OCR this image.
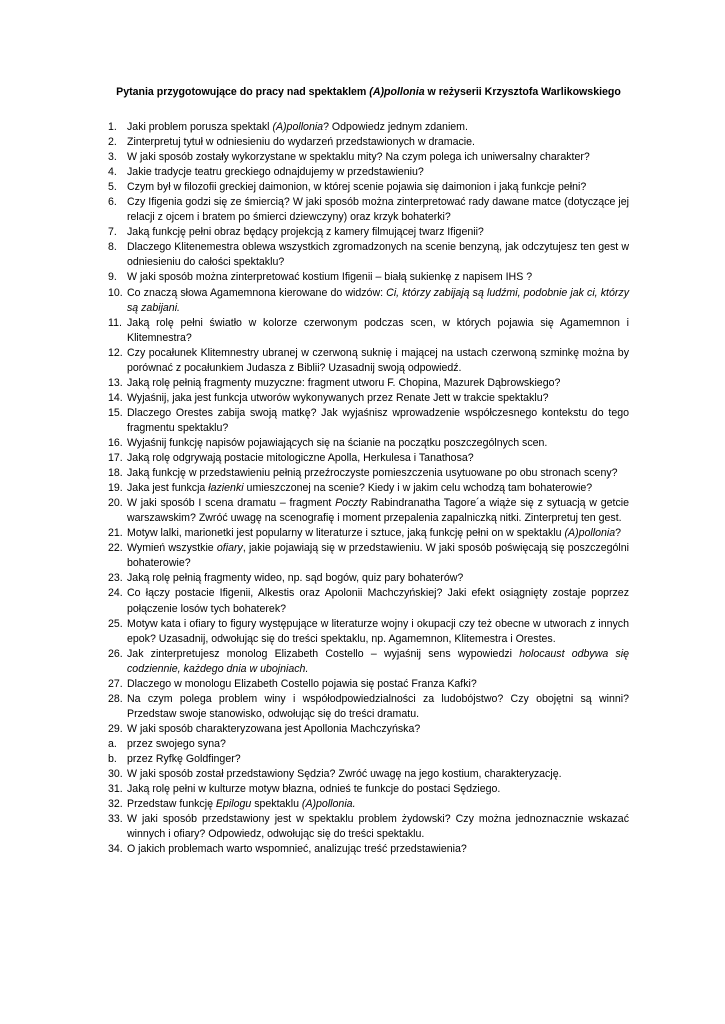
Pytania przygotowujące do pracy nad spektaklem (A)pollonia w reżyserii Krzysztofa Warlikowskiego
1. Jaki problem porusza spektakl (A)pollonia? Odpowiedz jednym zdaniem.
2. Zinterpretuj tytuł w odniesieniu do wydarzeń przedstawionych w dramacie.
3. W jaki sposób zostały wykorzystane w spektaklu mity? Na czym polega ich uniwersalny charakter?
4. Jakie tradycje teatru greckiego odnajdujemy w przedstawieniu?
5. Czym był w filozofii greckiej daimonion, w której scenie pojawia się daimonion i jaką funkcje pełni?
6. Czy Ifigenia godzi się ze śmiercią? W jaki sposób można zinterpretować rady dawane matce (dotyczące jej relacji z ojcem i bratem po śmierci dziewczyny) oraz krzyk bohaterki?
7. Jaką funkcję pełni obraz będący projekcją z kamery filmującej twarz Ifigenii?
8. Dlaczego Klitenemestra oblewa wszystkich zgromadzonych na scenie benzyną, jak odczytujesz ten gest w odniesieniu do całości spektaklu?
9. W jaki sposób można zinterpretować kostium Ifigenii – białą sukienkę z napisem IHS ?
10. Co znaczą słowa Agamemnona kierowane do widzów: Ci, którzy zabijają są ludźmi, podobnie jak ci, którzy są zabijani.
11. Jaką rolę pełni światło w kolorze czerwonym podczas scen, w których pojawia się Agamemnon i Klitemnestra?
12. Czy pocałunek Klitemnestry ubranej w czerwoną suknię i mającej na ustach czerwoną szminkę można by porównać z pocałunkiem Judasza z Biblii? Uzasadnij swoją odpowiedź.
13. Jaką rolę pełnią fragmenty muzyczne: fragment utworu F. Chopina, Mazurek Dąbrowskiego?
14. Wyjaśnij, jaka jest funkcja utworów wykonywanych przez Renate Jett w trakcie spektaklu?
15. Dlaczego Orestes zabija swoją matkę? Jak wyjaśnisz wprowadzenie współczesnego kontekstu do tego fragmentu spektaklu?
16. Wyjaśnij funkcję napisów pojawiających się na ścianie na początku poszczególnych scen.
17. Jaką rolę odgrywają postacie mitologiczne Apolla, Herkulesa i Tanathosa?
18. Jaką funkcję w przedstawieniu pełnią przeźroczyste pomieszczenia usytuowane po obu stronach sceny?
19. Jaka jest funkcja łazienki umieszczonej na scenie? Kiedy i w jakim celu wchodzą tam bohaterowie?
20. W jaki sposób I scena dramatu – fragment Poczty Rabindranatha Tagore´a wiąże się z sytuacją w getcie warszawskim? Zwróć uwagę na scenografię i moment przepalenia zapalniczką nitki. Zinterpretuj ten gest.
21. Motyw lalki, marionetki jest popularny w literaturze i sztuce, jaką funkcję pełni on w spektaklu (A)pollonia?
22. Wymień wszystkie ofiary, jakie pojawiają się w przedstawieniu. W jaki sposób poświęcają się poszczególni bohaterowie?
23. Jaką rolę pełnią fragmenty wideo, np. sąd bogów, quiz pary bohaterów?
24. Co łączy postacie Ifigenii, Alkestis oraz Apolonii Machczyńskiej? Jaki efekt osiągnięty zostaje poprzez połączenie losów tych bohaterek?
25. Motyw kata i ofiary to figury występujące w literaturze wojny i okupacji czy też obecne w utworach z innych epok? Uzasadnij, odwołując się do treści spektaklu, np. Agamemnon, Klitemestra i Orestes.
26. Jak zinterpretujesz monolog Elizabeth Costello – wyjaśnij sens wypowiedzi holocaust odbywa się codziennie, każdego dnia w ubojniach.
27. Dlaczego w monologu Elizabeth Costello pojawia się postać Franza Kafki?
28. Na czym polega problem winy i współodpowiedzialności za ludobójstwo? Czy obojętni są winni? Przedstaw swoje stanowisko, odwołując się do treści dramatu.
29. W jaki sposób charakteryzowana jest Apollonia Machczyńska?
a. przez swojego syna?
b. przez Ryfkę Goldfinger?
30. W jaki sposób został przedstawiony Sędzia? Zwróć uwagę na jego kostium, charakteryzację.
31. Jaką rolę pełni w kulturze motyw błazna, odnieś te funkcje do postaci Sędziego.
32. Przedstaw funkcję Epilogu spektaklu (A)pollonia.
33. W jaki sposób przedstawiony jest w spektaklu problem żydowski? Czy można jednoznacznie wskazać winnych i ofiary? Odpowiedz, odwołując się do treści spektaklu.
34. O jakich problemach warto wspomnieć, analizując treść przedstawienia?
